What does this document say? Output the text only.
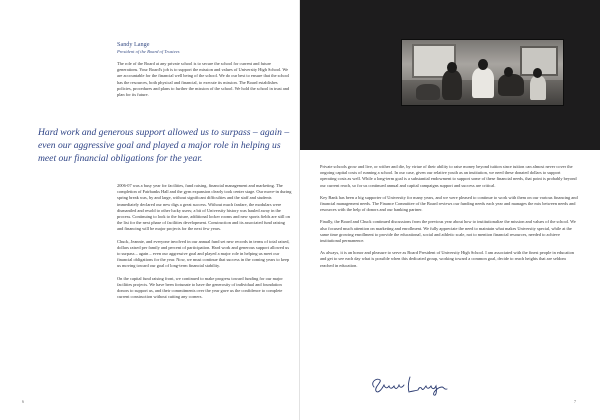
Sandy Lange
President of the Board of Trustees
The role of the Board at any private school is to secure the school for current and future generations. Your Board's job is to support the mission and values of University High School. We are accountable for the financial well being of the school. We do our best to ensure that the school has the resources, both physical and financial, to execute its mission. The Board establishes policies, procedures and plans to further the mission of the school. We hold the school in trust and plan for its future.
Hard work and generous support allowed us to surpass – again – even our aggressive goal and played a major role in helping us meet our financial obligations for the year.

2006-07 was a busy year for facilities, fund raising, financial management and marketing. The completion of Fairbanks Hall and the gym expansion clearly took center stage. Our move-in during spring break was, by and large, without significant difficulties and the staff and students immediately declared our new digs a great success. Without much fanfare, the modulars were dismantled and resold to other lucky users; a bit of University history was hauled away in the process. Continuing to look to the future, additional locker rooms and new sports fields are still on the list for the next phase of facilities development. Construction and its associated fund raising and financing will be major projects for the next few years.

Chuck, Jeannie, and everyone involved in our annual fund set new records in terms of total raised, dollars raised per family and percent of participation. Hard work and generous support allowed us to surpass – again – even our aggressive goal and played a major role in helping us meet our financial obligations for the year. Now, we must continue that success in the coming years to keep us moving toward our goal of long-term financial stability.

On the capital fund raising front, we continued to make progress toward funding for our major facilities projects. We have been fortunate to have the generosity of individual and foundation donors to support us, and their commitments over the year gave us the confidence to complete current construction without cutting any corners.

6

Private schools grow and live, or wither and die, by virtue of their ability to raise money beyond tuition since tuition can almost never cover the ongoing capital costs of running a school. In our case, given our relative youth as an institution, we need these donated dollars to support operating costs as well. While a long-term goal is a substantial endowment to support some of these financial needs, that point is probably beyond our current reach, so for us continued annual and capital campaigns support and success are critical.

Key Bank has been a big supporter of University for many years, and we were pleased to continue to work with them on our various financing and financial management needs. The Finance Committee of the Board reviews our funding needs each year and manages the mix between needs and resources with the help of donors and our banking partner.

Finally, the Board and Chuck continued discussions from the previous year about how to institutionalize the mission and values of the school. We also focused much attention on marketing and enrollment. We fully appreciate the need to maintain what makes University special, while at the same time growing enrollment to provide the educational, social and athletic scale, not to mention financial resources, needed to achieve institutional permanence.

As always, it is an honor and pleasure to serve as Board President of University High School. I am associated with the finest people in education and get to see each day what is possible when this dedicated group, working toward a common goal, decide to reach heights that are seldom reached in education.

7
